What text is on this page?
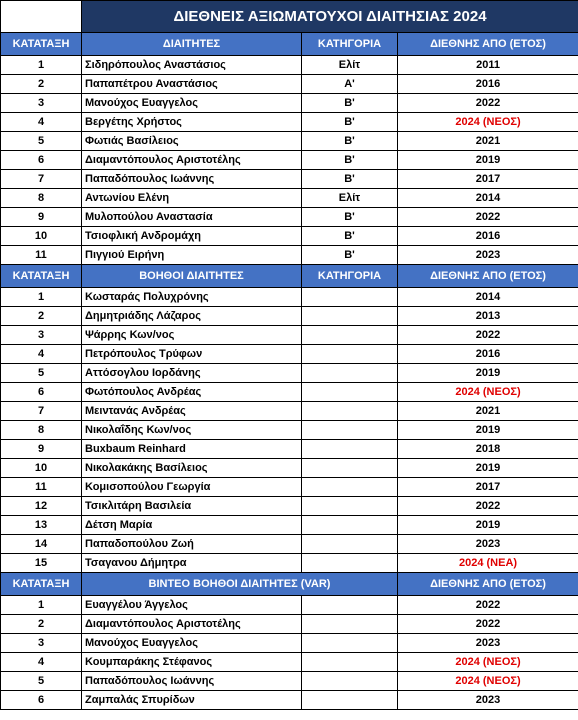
	ΔΙΕΘΝΕΙΣ ΑΞΙΩΜΑΤΟΥΧΟΙ ΔΙΑΙΤΗΣΙΑΣ 2024		
ΚΑΤΑΤΑΞΗ	ΔΙΑΙΤΗΤΕΣ	ΚΑΤΗΓΟΡΙΑ	ΔΙΕΘΝΗΣ ΑΠΟ (ΕΤΟΣ)
1	Σιδηρόπουλος Αναστάσιος	Ελίτ	2011
2	Παπαπέτρου Αναστάσιος	Α'	2016
3	Μανούχος Ευαγγελος	Β'	2022
4	Βεργέτης Χρήστος	Β'	2024 (ΝΕΟΣ)
5	Φωτιάς Βασίλειος	Β'	2021
6	Διαμαντόπουλος Αριστοτέλης	Β'	2019
7	Παπαδόπουλος Ιωάννης	Β'	2017
8	Αντωνίου Ελένη	Ελίτ	2014
9	Μυλοπούλου Αναστασία	Β'	2022
10	Τσιοφλική Ανδρομάχη	Β'	2016
11	Πιγγιού Ειρήνη	Β'	2023
ΚΑΤΑΤΑΞΗ	ΒΟΗΘΟΙ ΔΙΑΙΤΗΤΕΣ	ΚΑΤΗΓΟΡΙΑ	ΔΙΕΘΝΗΣ ΑΠΟ (ΕΤΟΣ)
1	Κωσταράς Πολυχρόνης		2014
2	Δημητριάδης Λάζαρος		2013
3	Ψάρρης Κων/νος		2022
4	Πετρόπουλος Τρύφων		2016
5	Αττόσογλου Ιορδάνης		2019
6	Φωτόπουλος Ανδρέας		2024 (ΝΕΟΣ)
7	Μειντανάς Ανδρέας		2021
8	Νικολαΐδης Κων/νος		2019
9	Buxbaum Reinhard		2018
10	Νικολακάκης Βασίλειος		2019
11	Κομισοπούλου Γεωργία		2017
12	Τσικλιτάρη Βασιλεία		2022
13	Δέτση Μαρία		2019
14	Παπαδοπούλου Ζωή		2023
15	Τσαγανου Δήμητρα		2024 (ΝΕΑ)
ΚΑΤΑΤΑΞΗ	ΒΙΝΤΕΟ ΒΟΗΘΟΙ ΔΙΑΙΤΗΤΕΣ (VAR)		ΔΙΕΘΝΗΣ ΑΠΟ (ΕΤΟΣ)
1	Ευαγγέλου Άγγελος		2022
2	Διαμαντόπουλος Αριστοτέλης		2022
3	Μανούχος Ευαγγελος		2023
4	Κουμπαράκης Στέφανος		2024 (ΝΕΟΣ)
5	Παπαδόπουλος Ιωάννης		2024 (ΝΕΟΣ)
6	Ζαμπαλάς Σπυρίδων		2023
